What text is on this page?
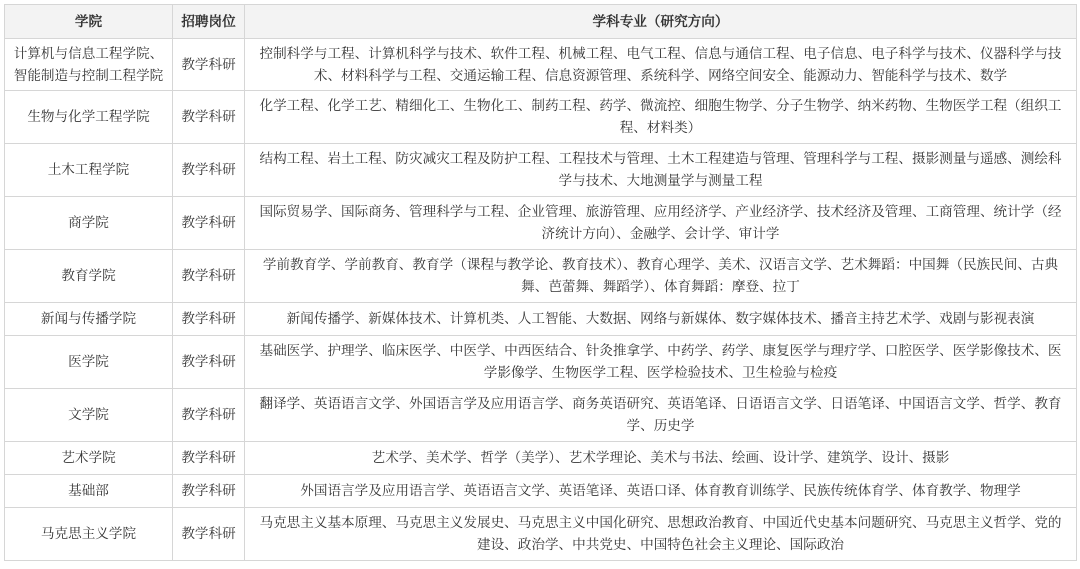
学院	招聘岗位	学科专业（研究方向）
计算机与信息工程学院、智能制造与控制工程学院	教学科研	控制科学与工程、计算机科学与技术、软件工程、机械工程、电气工程、信息与通信工程、电子信息、电子科学与技术、仪器科学与技术、材料科学与工程、交通运输工程、信息资源管理、系统科学、网络空间安全、能源动力、智能科学与技术、数学
生物与化学工程学院	教学科研	化学工程、化学工艺、精细化工、生物化工、制药工程、药学、微流控、细胞生物学、分子生物学、纳米药物、生物医学工程（组织工程、材料类）
土木工程学院	教学科研	结构工程、岩土工程、防灾减灾工程及防护工程、工程技术与管理、土木工程建造与管理、管理科学与工程、摄影测量与遥感、测绘科学与技术、大地测量学与测量工程
商学院	教学科研	国际贸易学、国际商务、管理科学与工程、企业管理、旅游管理、应用经济学、产业经济学、技术经济及管理、工商管理、统计学（经济统计方向）、金融学、会计学、审计学
教育学院	教学科研	学前教育学、学前教育、教育学（课程与教学论、教育技术）、教育心理学、美术、汉语言文学、艺术舞蹈：中国舞（民族民间、古典舞、芭蕾舞、舞蹈学）、体育舞蹈：摩登、拉丁
新闻与传播学院	教学科研	新闻传播学、新媒体技术、计算机类、人工智能、大数据、网络与新媒体、数字媒体技术、播音主持艺术学、戏剧与影视表演
医学院	教学科研	基础医学、护理学、临床医学、中医学、中西医结合、针灸推拿学、中药学、药学、康复医学与理疗学、口腔医学、医学影像技术、医学影像学、生物医学工程、医学检验技术、卫生检验与检疫
文学院	教学科研	翻译学、英语语言文学、外国语言学及应用语言学、商务英语研究、英语笔译、日语语言文学、日语笔译、中国语言文学、哲学、教育学、历史学
艺术学院	教学科研	艺术学、美术学、哲学（美学）、艺术学理论、美术与书法、绘画、设计学、建筑学、设计、摄影
基础部	教学科研	外国语言学及应用语言学、英语语言文学、英语笔译、英语口译、体育教育训练学、民族传统体育学、体育教学、物理学
马克思主义学院	教学科研	马克思主义基本原理、马克思主义发展史、马克思主义中国化研究、思想政治教育、中国近代史基本问题研究、马克思主义哲学、党的建设、政治学、中共党史、中国特色社会主义理论、国际政治
